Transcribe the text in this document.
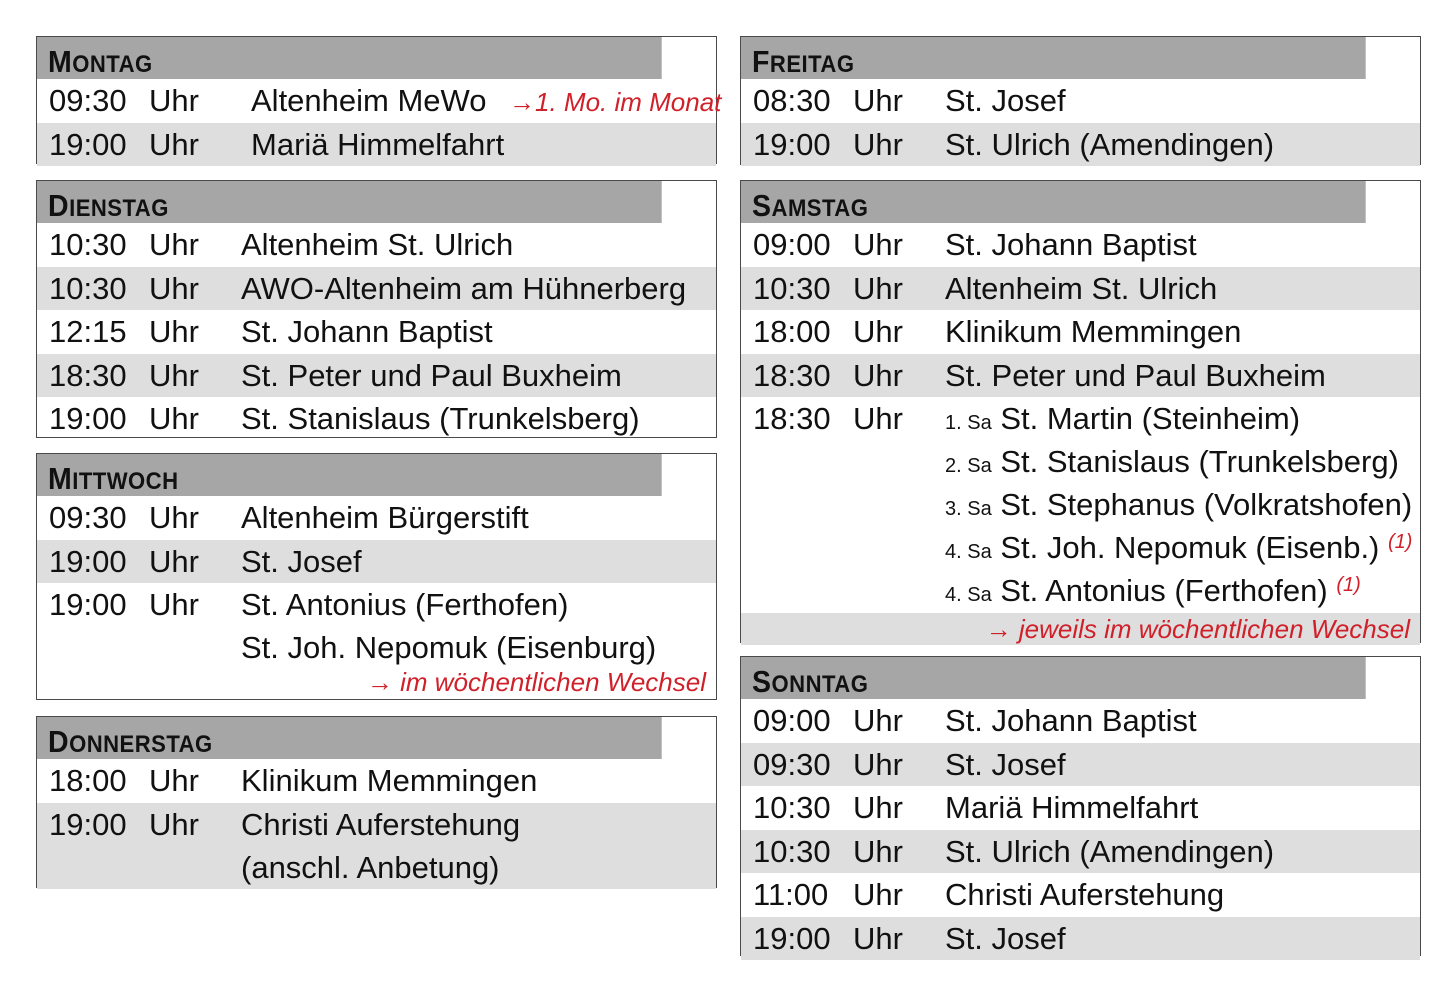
MONTAG
09:30 Uhr Altenheim MeWo →1. Mo. im Monat
19:00 Uhr Mariä Himmelfahrt
DIENSTAG
10:30 Uhr Altenheim St. Ulrich
10:30 Uhr AWO-Altenheim am Hühnerberg
12:15 Uhr St. Johann Baptist
18:30 Uhr St. Peter und Paul Buxheim
19:00 Uhr St. Stanislaus (Trunkelsberg)
MITTWOCH
09:30 Uhr Altenheim Bürgerstift
19:00 Uhr St. Josef
19:00 Uhr St. Antonius (Ferthofen)
St. Joh. Nepomuk (Eisenburg)
→ im wöchentlichen Wechsel
DONNERSTAG
18:00 Uhr Klinikum Memmingen
19:00 Uhr Christi Auferstehung
(anschl. Anbetung)
FREITAG
08:30 Uhr St. Josef
19:00 Uhr St. Ulrich (Amendingen)
SAMSTAG
09:00 Uhr St. Johann Baptist
10:30 Uhr Altenheim St. Ulrich
18:00 Uhr Klinikum Memmingen
18:30 Uhr St. Peter und Paul Buxheim
18:30 Uhr 1. Sa St. Martin (Steinheim)
2. Sa St. Stanislaus (Trunkelsberg)
3. Sa St. Stephanus (Volkratshofen)
4. Sa St. Joh. Nepomuk (Eisenb.) $^{(1)}$
4. Sa St. Antonius (Ferthofen) $^{(1)}$
→ jeweils im wöchentlichen Wechsel
SONNTAG
09:00 Uhr St. Johann Baptist
09:30 Uhr St. Josef
10:30 Uhr Mariä Himmelfahrt
10:30 Uhr St. Ulrich (Amendingen)
11:00 Uhr Christi Auferstehung
19:00 Uhr St. Josef
